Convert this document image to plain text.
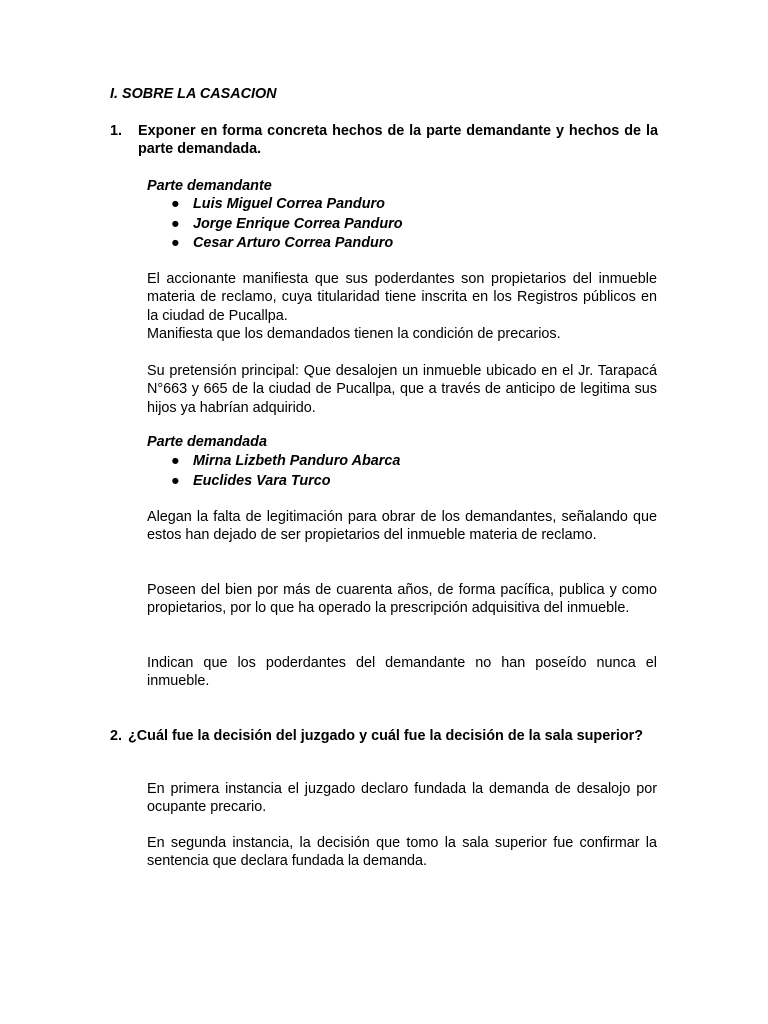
I. SOBRE LA CASACION
1. Exponer en forma concreta hechos de la parte demandante y hechos de la parte demandada.
Parte demandante
● Luis Miguel Correa Panduro
● Jorge Enrique Correa Panduro
● Cesar Arturo Correa Panduro
El accionante manifiesta que sus poderdantes son propietarios del inmueble materia de reclamo, cuya titularidad tiene inscrita en los Registros públicos en la ciudad de Pucallpa.
Manifiesta que los demandados tienen la condición de precarios.
Su pretensión principal: Que desalojen un inmueble ubicado en el Jr. Tarapacá N°663 y 665 de la ciudad de Pucallpa, que a través de anticipo de legitima sus hijos ya habrían adquirido.
Parte demandada
● Mirna Lizbeth Panduro Abarca
● Euclides Vara Turco
Alegan la falta de legitimación para obrar de los demandantes, señalando que estos han dejado de ser propietarios del inmueble materia de reclamo.
Poseen del bien por más de cuarenta años, de forma pacífica, publica y como propietarios, por lo que ha operado la prescripción adquisitiva del inmueble.
Indican que los poderdantes del demandante no han poseído nunca el inmueble.
2. ¿Cuál fue la decisión del juzgado y cuál fue la decisión de la sala superior?
En primera instancia el juzgado declaro fundada la demanda de desalojo por ocupante precario.
En segunda instancia, la decisión que tomo la sala superior fue confirmar la sentencia que declara fundada la demanda.
